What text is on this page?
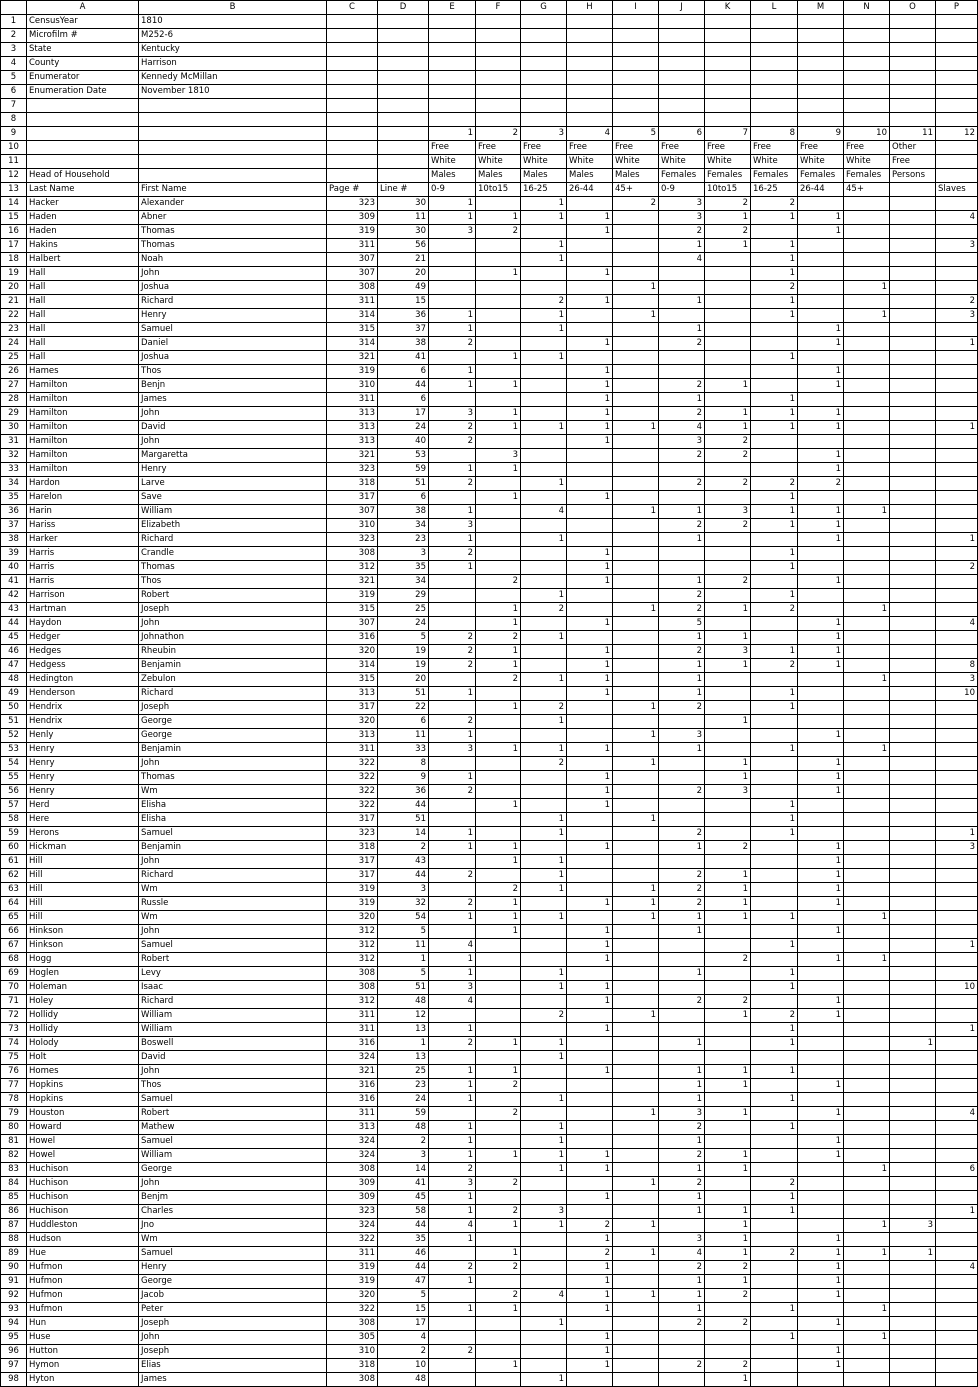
	A	B	C	D	E	F	G	H	I	J	K	L	M	N	O	P
1	CensusYear	1810														
2	Microfilm #	M252-6														
3	State	Kentucky														
4	County	Harrison														
5	Enumerator	Kennedy McMillan														
6	Enumeration Date	November 1810														
7																
8																
9					1	2	3	4	5	6	7	8	9	10	11	12
10					Free	Free	Free	Free	Free	Free	Free	Free	Free	Free	Other	
11					White	White	White	White	White	White	White	White	White	White	Free	
12	Head of Household				Males	Males	Males	Males	Males	Females	Females	Females	Females	Females	Persons	
13	Last Name	First Name	Page #	Line #	0-9	10to15	16-25	26-44	45+	0-9	10to15	16-25	26-44	45+		Slaves
14	Hacker	Alexander	323	30	1		1		2	3	2	2				
15	Haden	Abner	309	11	1	1	1	1		3	1	1	1			4
16	Haden	Thomas	319	30	3	2		1		2	2		1			
17	Hakins	Thomas	311	56			1			1	1	1				3
18	Halbert	Noah	307	21			1			4		1				
19	Hall	John	307	20		1		1				1				
20	Hall	Joshua	308	49					1			2		1		
21	Hall	Richard	311	15			2	1		1		1				2
22	Hall	Henry	314	36	1		1		1			1		1		3
23	Hall	Samuel	315	37	1		1			1			1			
24	Hall	Daniel	314	38	2			1		2			1			1
25	Hall	Joshua	321	41		1	1					1				
26	Hames	Thos	319	6	1			1					1			
27	Hamilton	Benjn	310	44	1	1		1		2	1		1			
28	Hamilton	James	311	6				1		1		1				
29	Hamilton	John	313	17	3	1		1		2	1	1	1			
30	Hamilton	David	313	24	2	1	1	1	1	4	1	1	1			1
31	Hamilton	John	313	40	2			1		3	2					
32	Hamilton	Margaretta	321	53		3				2	2		1			
33	Hamilton	Henry	323	59	1	1							1			
34	Hardon	Larve	318	51	2		1			2	2	2	2			
35	Harelon	Save	317	6		1		1				1				
36	Harin	William	307	38	1		4		1	1	3	1	1	1		
37	Hariss	Elizabeth	310	34	3					2	2	1	1			
38	Harker	Richard	323	23	1		1			1			1			1
39	Harris	Crandle	308	3	2			1				1				
40	Harris	Thomas	312	35	1			1				1				2
41	Harris	Thos	321	34		2		1		1	2		1			
42	Harrison	Robert	319	29			1			2		1				
43	Hartman	Joseph	315	25		1	2		1	2	1	2		1		
44	Haydon	John	307	24		1		1		5			1			4
45	Hedger	Johnathon	316	5	2	2	1			1	1		1			
46	Hedges	Rheubin	320	19	2	1		1		2	3	1	1			
47	Hedgess	Benjamin	314	19	2	1		1		1	1	2	1			8
48	Hedington	Zebulon	315	20		2	1	1		1				1		3
49	Henderson	Richard	313	51	1			1		1		1				10
50	Hendrix	Joseph	317	22		1	2		1	2		1				
51	Hendrix	George	320	6	2		1				1					
52	Henly	George	313	11	1				1	3			1			
53	Henry	Benjamin	311	33	3	1	1	1		1		1		1		
54	Henry	John	322	8			2		1		1		1			
55	Henry	Thomas	322	9	1			1			1		1			
56	Henry	Wm	322	36	2			1		2	3		1			
57	Herd	Elisha	322	44		1		1				1				
58	Here	Elisha	317	51			1		1			1				
59	Herons	Samuel	323	14	1		1			2		1				1
60	Hickman	Benjamin	318	2	1	1		1		1	2		1			3
61	Hill	John	317	43		1	1						1			
62	Hill	Richard	317	44	2		1			2	1		1			
63	Hill	Wm	319	3		2	1		1	2	1		1			
64	Hill	Russle	319	32	2	1		1	1	2	1		1			
65	Hill	Wm	320	54	1	1	1		1	1	1	1		1		
66	Hinkson	John	312	5		1		1		1			1			
67	Hinkson	Samuel	312	11	4			1				1				1
68	Hogg	Robert	312	1	1			1			2		1	1		
69	Hoglen	Levy	308	5	1		1			1		1				
70	Holeman	Isaac	308	51	3		1	1				1				10
71	Holey	Richard	312	48	4			1		2	2		1			
72	Hollidy	William	311	12			2		1		1	2	1			
73	Hollidy	William	311	13	1			1				1				1
74	Holody	Boswell	316	1	2	1	1			1		1			1	
75	Holt	David	324	13			1									
76	Homes	John	321	25	1	1		1		1	1	1				
77	Hopkins	Thos	316	23	1	2				1	1		1			
78	Hopkins	Samuel	316	24	1		1			1		1				
79	Houston	Robert	311	59		2			1	3	1		1			4
80	Howard	Mathew	313	48	1		1			2		1				
81	Howel	Samuel	324	2	1		1			1			1			
82	Howel	William	324	3	1	1	1	1		2	1		1			
83	Huchison	George	308	14	2		1	1		1	1			1		6
84	Huchison	John	309	41	3	2			1	2		2				
85	Huchison	Benjm	309	45	1			1		1		1				
86	Huchison	Charles	323	58	1	2	3			1	1	1				1
87	Huddleston	Jno	324	44	4	1	1	2	1		1			1	3	
88	Hudson	Wm	322	35	1			1		3	1		1			
89	Hue	Samuel	311	46		1		2	1	4	1	2	1	1	1	
90	Hufmon	Henry	319	44	2	2		1		2	2		1			4
91	Hufmon	George	319	47	1			1		1	1		1			
92	Hufmon	Jacob	320	5		2	4	1	1	1	2		1			
93	Hufmon	Peter	322	15	1	1		1		1		1		1		
94	Hun	Joseph	308	17			1			2	2		1			
95	Huse	John	305	4				1				1		1		
96	Hutton	Joseph	310	2	2			1					1			
97	Hymon	Elias	318	10		1		1		2	2		1			
98	Hyton	James	308	48			1				1					
